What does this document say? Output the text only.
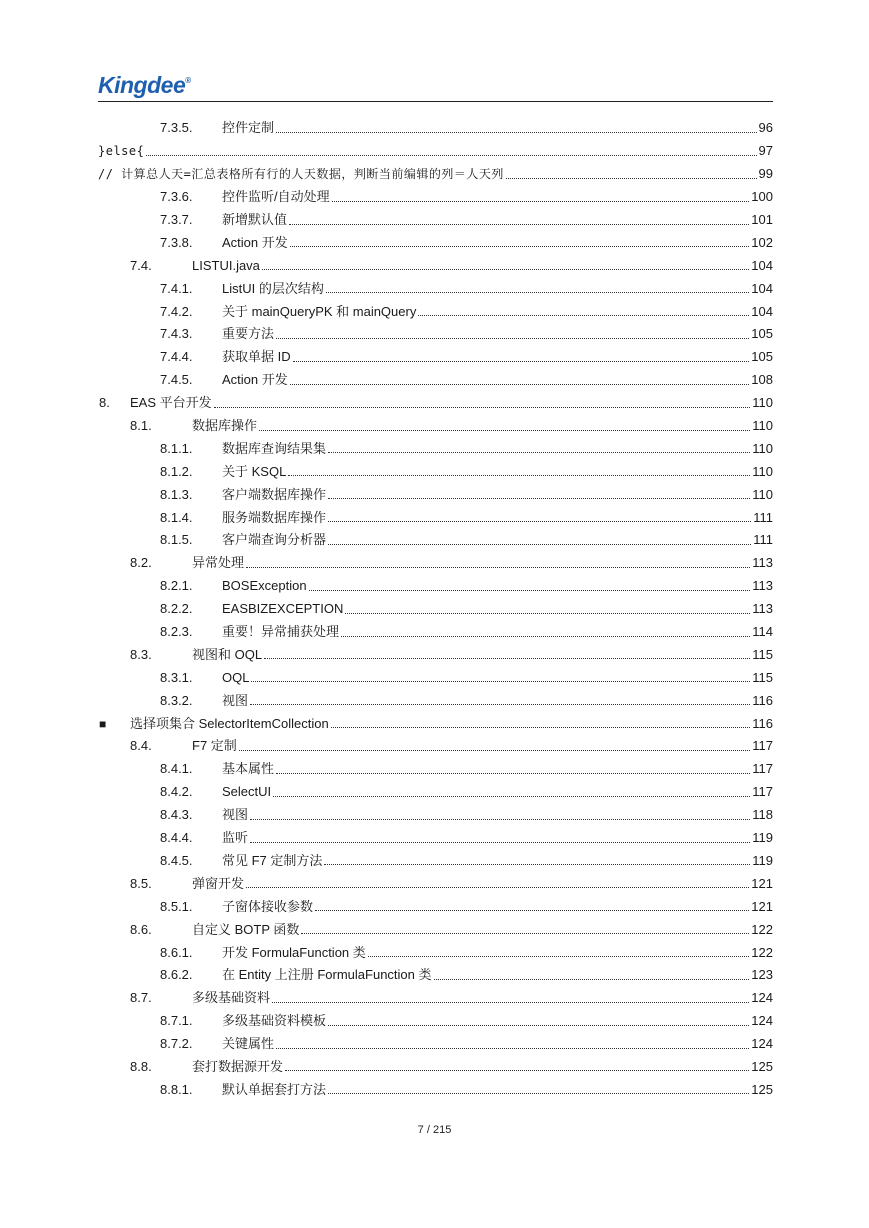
Kingdee®
7.3.5. 控件定制	96
}else{	97
// 计算总人天=汇总表格所有行的人天数据，判断当前编辑的列＝人天列	99
7.3.6. 控件监听/自动处理	100
7.3.7. 新增默认值	101
7.3.8. Action 开发	102
7.4.	LISTUI.java	104
7.4.1. ListUI 的层次结构	104
7.4.2. 关于 mainQueryPK 和 mainQuery	104
7.4.3. 重要方法	105
7.4.4. 获取单据 ID	105
7.4.5. Action 开发	108
8. EAS 平台开发	110
8.1.	数据库操作	110
8.1.1. 数据库查询结果集	110
8.1.2. 关于 KSQL	110
8.1.3. 客户端数据库操作	110
8.1.4. 服务端数据库操作	111
8.1.5. 客户端查询分析器	111
8.2.	异常处理	113
8.2.1. BOSException	113
8.2.2. EASBIZEXCEPTION	113
8.2.3. 重要！异常捕获处理	114
8.3.	视图和 OQL	115
8.3.1. OQL	115
8.3.2. 视图	116
■ 选择项集合 SelectorItemCollection	116
8.4.	F7 定制	117
8.4.1. 基本属性	117
8.4.2. SelectUI	117
8.4.3. 视图	118
8.4.4. 监听	119
8.4.5. 常见 F7 定制方法	119
8.5.	弹窗开发	121
8.5.1. 子窗体接收参数	121
8.6.	自定义 BOTP 函数	122
8.6.1. 开发 FormulaFunction 类	122
8.6.2. 在 Entity 上注册 FormulaFunction 类	123
8.7.	多级基础资料	124
8.7.1. 多级基础资料模板	124
8.7.2. 关键属性	124
8.8.	套打数据源开发	125
8.8.1. 默认单据套打方法	125
7 / 215
